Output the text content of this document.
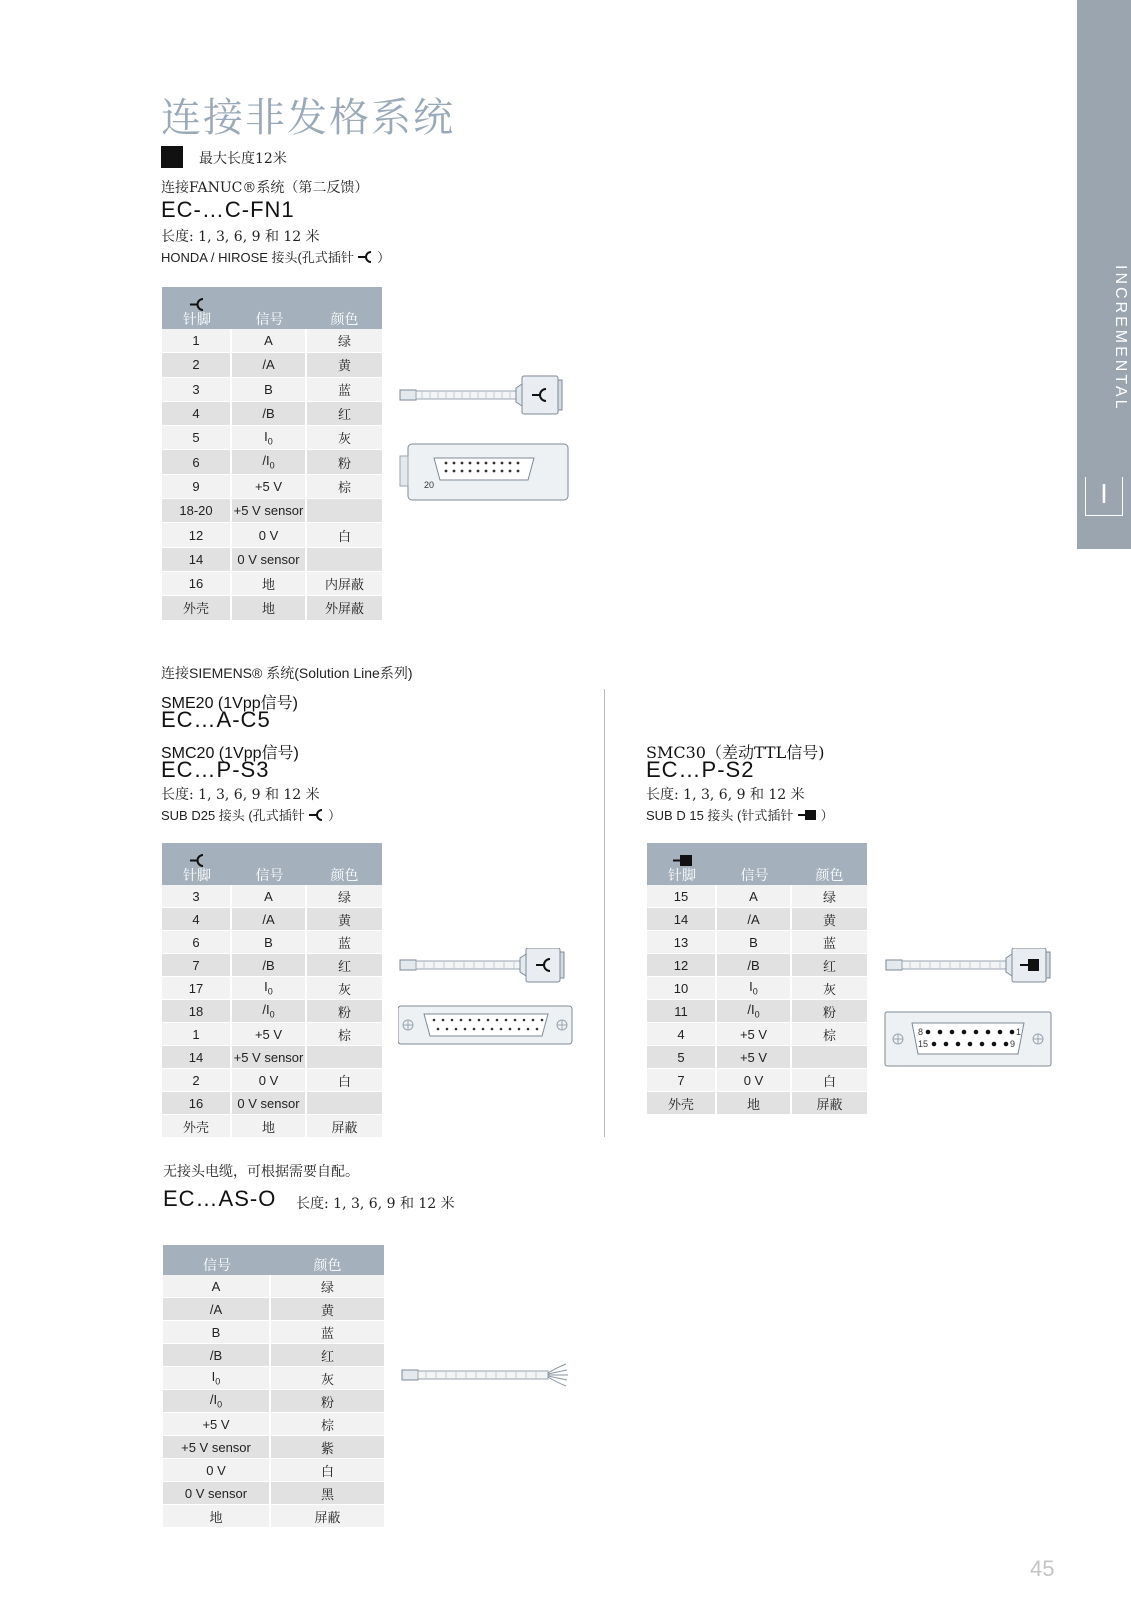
INCREMENTAL
I
连接非发格系统
最大长度12米
连接FANUC®系统（第二反馈）
EC-…C-FN1
长度: 1, 3, 6, 9 和 12 米
HONDA / HIROSE 接头(孔式插针 ）
针脚	信号	颜色
1	A	绿
2	/A	黄
3	B	蓝
4	/B	红
5	$I_0$	灰
6	$/I_0$	粉
9	+5 V	棕
18-20	+5 V sensor	
12	0 V	白
14	0 V sensor	
16	地	内屏蔽
外壳	地	外屏蔽
20
连接SIEMENS® 系统(Solution Line系列)
SME20 (1Vpp信号)
EC…A-C5
SMC20 (1Vpp信号)
EC…P-S3
长度: 1, 3, 6, 9 和 12 米
SUB D25 接头 (孔式插针 ）
针脚	信号	颜色
3	A	绿
4	/A	黄
6	B	蓝
7	/B	红
17	$I_0$	灰
18	$/I_0$	粉
1	+5 V	棕
14	+5 V sensor	
2	0 V	白
16	0 V sensor	
外壳	地	屏蔽
SMC30（差动TTL信号)
EC…P-S2
长度: 1, 3, 6, 9 和 12 米
SUB D 15 接头 (针式插针 ）
针脚	信号	颜色
15	A	绿
14	/A	黄
13	B	蓝
12	/B	红
10	$I_0$	灰
11	$/I_0$	粉
4	+5 V	棕
5	+5 V	
7	0 V	白
外壳	地	屏蔽
8	1
15	9
无接头电缆，可根据需要自配。
EC…AS-O 长度: 1, 3, 6, 9 和 12 米
信号	颜色
A	绿
/A	黄
B	蓝
/B	红
$I_0$	灰
$/I_0$	粉
+5 V	棕
+5 V sensor	紫
0 V	白
0 V sensor	黑
地	屏蔽
45
